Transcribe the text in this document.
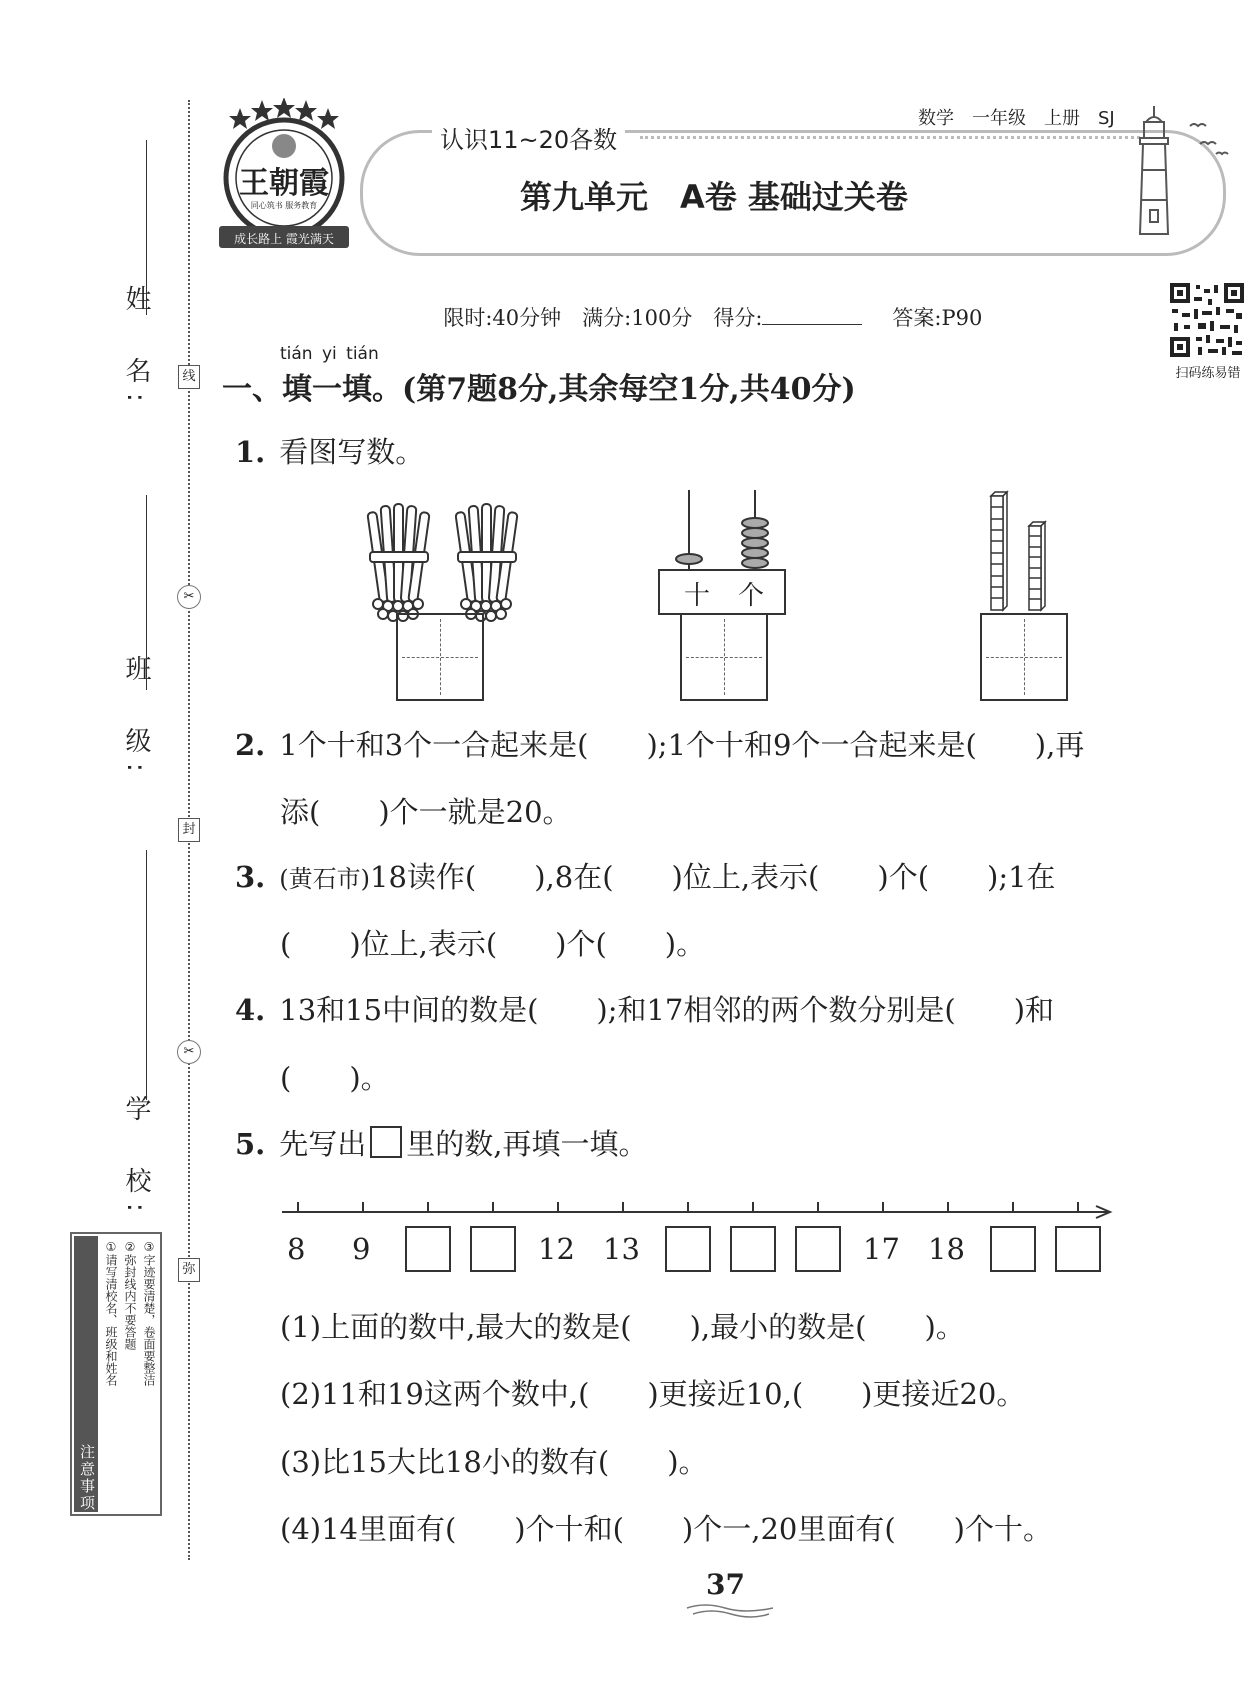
姓　名:
班　级:
学　校:
线
封
弥
✂
✂
注意事项
①请写清校名、班级和姓名 ②弥封线内不要答题 ③字迹要清楚，卷面要整洁
王朝霞
同心筑书 服务教育
成长路上 霞光满天
认识11~20各数
数学　一年级　上册　SJ
第九单元　A卷 基础过关卷

限时:40分钟　满分:100分　得分:	答案:P90

扫码练易错
tián yi tián
一、填一填。(第7题8分,其余每空1分,共40分)
1. 看图写数。
十 个
2. 1个十和3个一合起来是(　　);1个十和9个一合起来是(　　),再
添(　　)个一就是20。
3. (黄石市)18读作(　　),8在(　　)位上,表示(　　)个(　　);1在
(　　)位上,表示(　　)个(　　)。
4. 13和15中间的数是(　　);和17相邻的两个数分别是(　　)和
(　　)。
5. 先写出 里的数,再填一填。
8 9	12 13	17 18
(1)上面的数中,最大的数是(　　),最小的数是(　　)。
(2)11和19这两个数中,(　　)更接近10,(　　)更接近20。
(3)比15大比18小的数有(　　)。
(4)14里面有(　　)个十和(　　)个一,20里面有(　　)个十。
37
